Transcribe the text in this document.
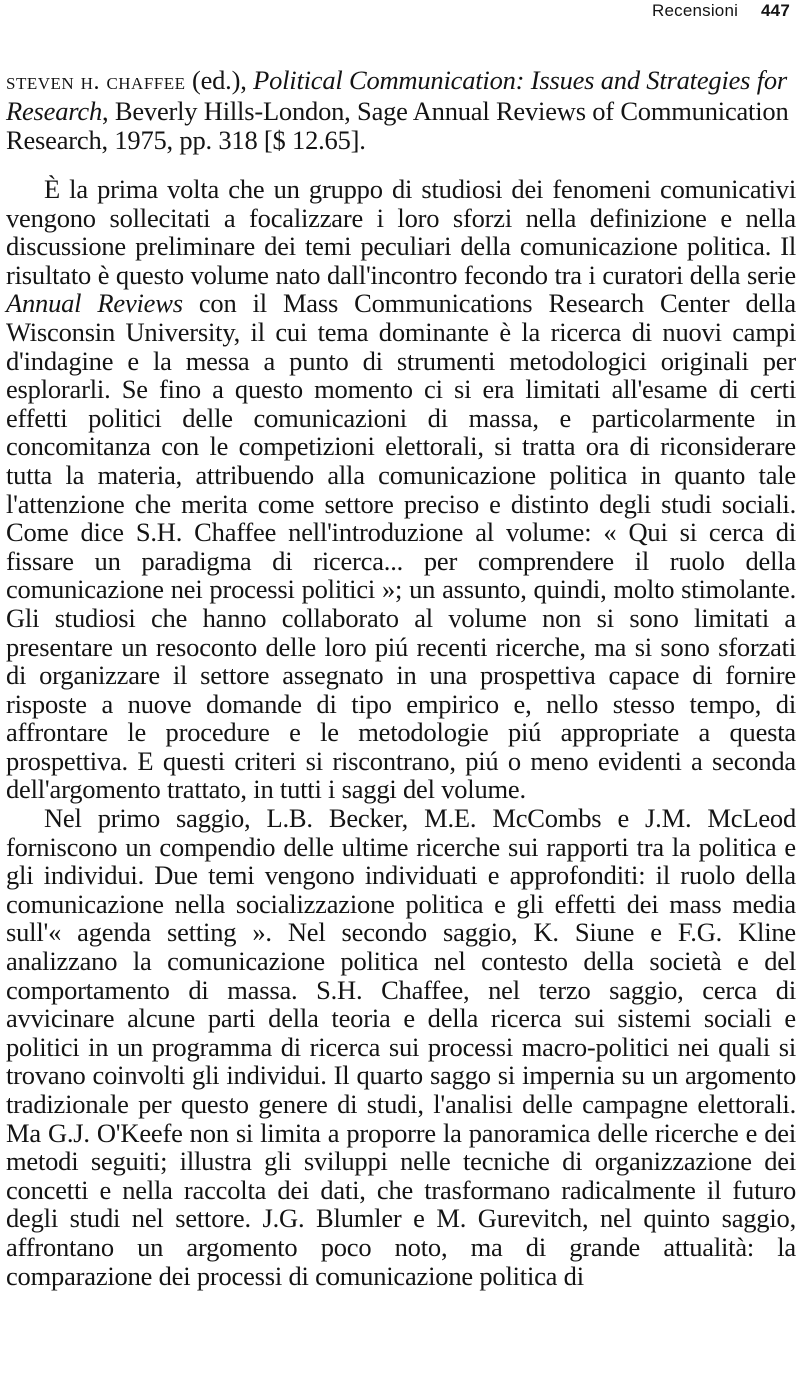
Recensioni 447
steven h. chaffee (ed.), Political Communication: Issues and Strategies for Research, Beverly Hills-London, Sage Annual Reviews of Communication Research, 1975, pp. 318 [$ 12.65].

È la prima volta che un gruppo di studiosi dei fenomeni comunicativi vengono sollecitati a focalizzare i loro sforzi nella definizione e nella discussione preliminare dei temi peculiari della comunicazione politica. Il risultato è questo volume nato dall'incontro fecondo tra i curatori della serie Annual Reviews con il Mass Communications Research Center della Wisconsin University, il cui tema dominante è la ricerca di nuovi campi d'indagine e la messa a punto di strumenti metodologici originali per esplorarli. Se fino a questo momento ci si era limitati all'esame di certi effetti politici delle comunicazioni di massa, e particolarmente in concomitanza con le competizioni elettorali, si tratta ora di riconsiderare tutta la materia, attribuendo alla comunicazione politica in quanto tale l'attenzione che merita come settore preciso e distinto degli studi sociali. Come dice S.H. Chaffee nell'introduzione al volume: « Qui si cerca di fissare un paradigma di ricerca... per comprendere il ruolo della comunicazione nei processi politici »; un assunto, quindi, molto stimolante. Gli studiosi che hanno collaborato al volume non si sono limitati a presentare un resoconto delle loro piú recenti ricerche, ma si sono sforzati di organizzare il settore assegnato in una prospettiva capace di fornire risposte a nuove domande di tipo empirico e, nello stesso tempo, di affrontare le procedure e le metodologie piú appropriate a questa prospettiva. E questi criteri si riscontrano, piú o meno evidenti a seconda dell'argomento trattato, in tutti i saggi del volume.

Nel primo saggio, L.B. Becker, M.E. McCombs e J.M. McLeod forniscono un compendio delle ultime ricerche sui rapporti tra la politica e gli individui. Due temi vengono individuati e approfonditi: il ruolo della comunicazione nella socializzazione politica e gli effetti dei mass media sull'« agenda setting ». Nel secondo saggio, K. Siune e F.G. Kline analizzano la comunicazione politica nel contesto della società e del comportamento di massa. S.H. Chaffee, nel terzo saggio, cerca di avvicinare alcune parti della teoria e della ricerca sui sistemi sociali e politici in un programma di ricerca sui processi macro-politici nei quali si trovano coinvolti gli individui. Il quarto saggo si impernia su un argomento tradizionale per questo genere di studi, l'analisi delle campagne elettorali. Ma G.J. O'Keefe non si limita a proporre la panoramica delle ricerche e dei metodi seguiti; illustra gli sviluppi nelle tecniche di organizzazione dei concetti e nella raccolta dei dati, che trasformano radicalmente il futuro degli studi nel settore. J.G. Blumler e M. Gurevitch, nel quinto saggio, affrontano un argomento poco noto, ma di grande attualità: la comparazione dei processi di comunicazione politica di
